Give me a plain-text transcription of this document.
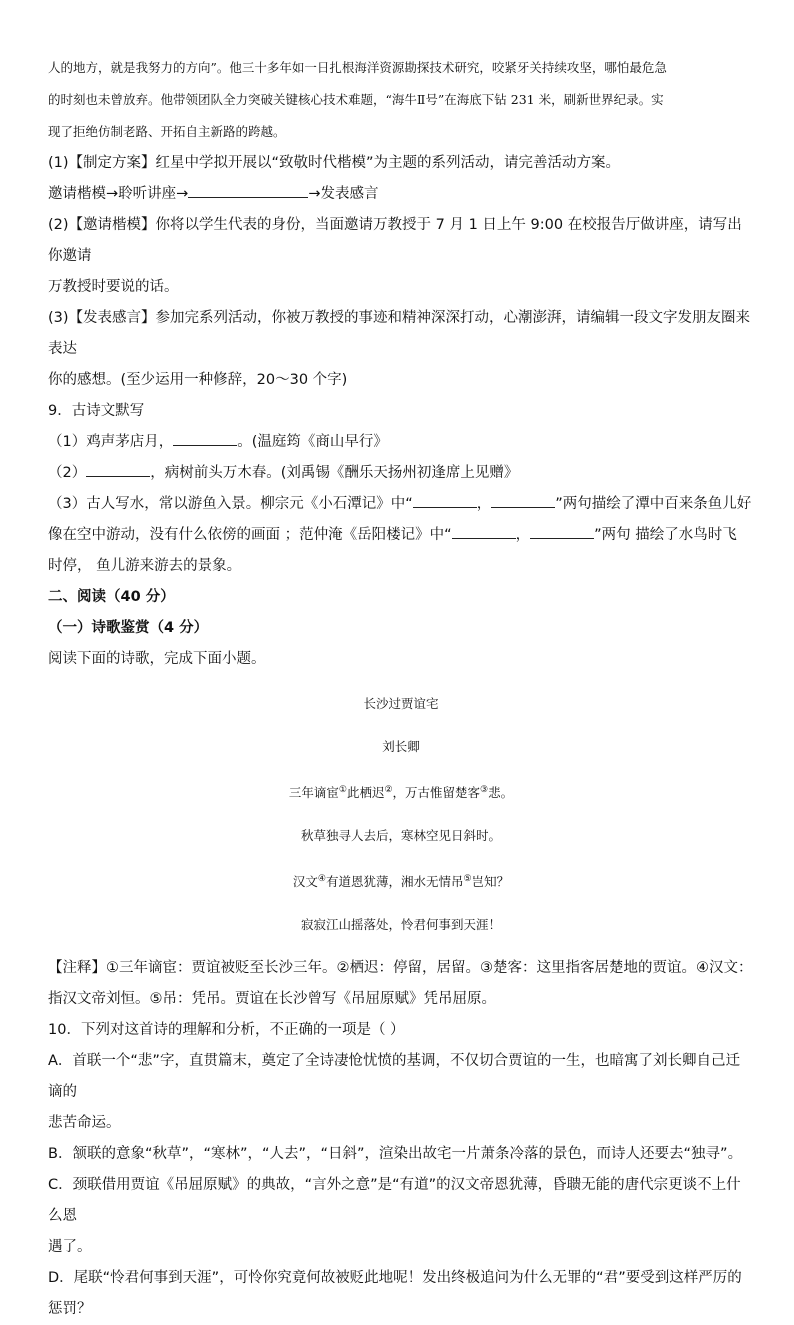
人的地方，就是我努力的方向”。他三十多年如一日扎根海洋资源勘探技术研究，咬紧牙关持续攻坚，哪怕最危急

的时刻也未曾放弃。他带领团队全力突破关键核心技术难题，“海牛Ⅱ号”在海底下钻 231 米，刷新世界纪录。实

现了拒绝仿制老路、开拓自主新路的跨越。

(1)【制定方案】红星中学拟开展以“致敬时代楷模”为主题的系列活动，请完善活动方案。

邀请楷模→聆听讲座→	→发表感言

(2)【邀请楷模】你将以学生代表的身份，当面邀请万教授于 7 月 1 日上午 9:00 在校报告厅做讲座，请写出你邀请

万教授时要说的话。

(3)【发表感言】参加完系列活动，你被万教授的事迹和精神深深打动，心潮澎湃，请编辑一段文字发朋友圈来表达

你的感想。(至少运用一种修辞，20～30 个字)

9．古诗文默写

（1）鸡声茅店月，	。(温庭筠《商山早行》

（2）	，病树前头万木春。(刘禹锡《酬乐天扬州初逢席上见赠》

（3）古人写水，常以游鱼入景。柳宗元《小石潭记》中“	，	”两句描绘了潭中百来条鱼儿好

像在空中游动，没有什么依傍的画面 ；范仲淹《岳阳楼记》中“	，	”两句 描绘了水鸟时飞

时停， 鱼儿游来游去的景象。

二、阅读（40 分）

（一）诗歌鉴赏（4 分）

阅读下面的诗歌，完成下面小题。

长沙过贾谊宅

刘长卿

三年谪宦①此栖迟②，万古惟留楚客③悲。

秋草独寻人去后，寒林空见日斜时。

汉文④有道恩犹薄，湘水无情吊⑤岂知？

寂寂江山摇落处，怜君何事到天涯！

【注释】①三年谪宦：贾谊被贬至长沙三年。②栖迟：停留，居留。③楚客：这里指客居楚地的贾谊。④汉文：

指汉文帝刘恒。⑤吊：凭吊。贾谊在长沙曾写《吊屈原赋》凭吊屈原。

10．下列对这首诗的理解和分析，不正确的一项是（ ）

A．首联一个“悲”字，直贯篇末，奠定了全诗凄怆忧愤的基调，不仅切合贾谊的一生，也暗寓了刘长卿自己迁谪的

悲苦命运。

B．颔联的意象“秋草”，“寒林”，“人去”，“日斜”，渲染出故宅一片萧条冷落的景色，而诗人还要去“独寻”。

C．颈联借用贾谊《吊屈原赋》的典故，“言外之意”是“有道”的汉文帝恩犹薄，昏聩无能的唐代宗更谈不上什么恩

遇了。

D．尾联“怜君何事到天涯”，可怜你究竟何故被贬此地呢！发出终极追问为什么无罪的“君”要受到这样严厉的惩罚？
